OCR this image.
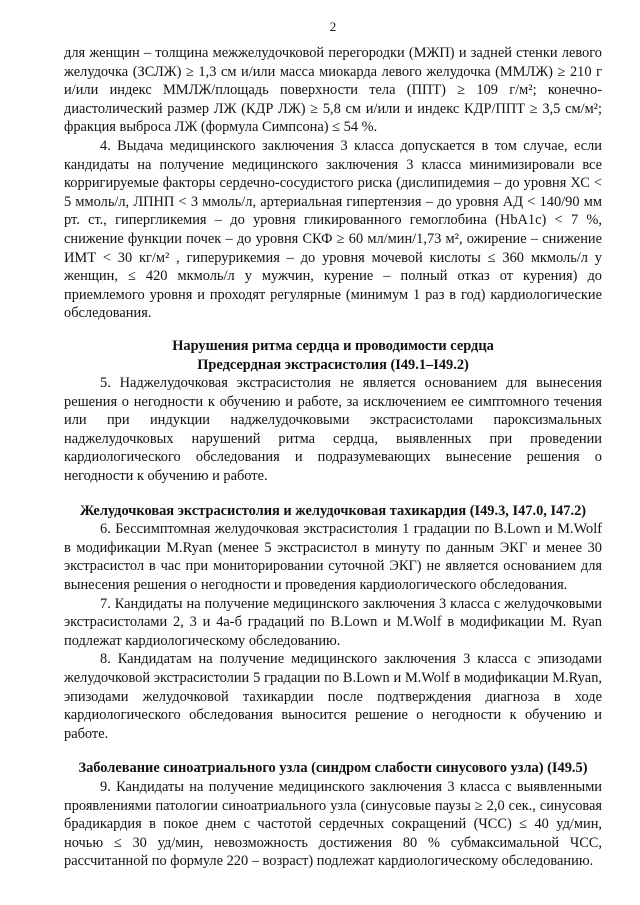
2

для женщин – толщина межжелудочковой перегородки (МЖП) и задней стенки левого желудочка (ЗСЛЖ) ≥ 1,3 см и/или масса миокарда левого желудочка (ММЛЖ) ≥ 210 г и/или индекс ММЛЖ/площадь поверхности тела (ППТ) ≥ 109 г/м²; конечно-диастолический размер ЛЖ (КДР ЛЖ) ≥ 5,8 см и/или и индекс КДР/ППТ ≥ 3,5 см/м²; фракция выброса ЛЖ (формула Симпсона) ≤ 54 %.

4. Выдача медицинского заключения 3 класса допускается в том случае, если кандидаты на получение медицинского заключения 3 класса минимизировали все корригируемые факторы сердечно-сосудистого риска (дислипидемия – до уровня ХС < 5 ммоль/л, ЛПНП < 3 ммоль/л, артериальная гипертензия – до уровня АД < 140/90 мм рт. ст., гипергликемия – до уровня гликированного гемоглобина (HbA1c) < 7 %, снижение функции почек – до уровня СКФ ≥ 60 мл/мин/1,73 м², ожирение – снижение ИМТ < 30 кг/м² , гиперурикемия – до уровня мочевой кислоты ≤ 360 мкмоль/л у женщин, ≤ 420 мкмоль/л у мужчин, курение – полный отказ от курения) до приемлемого уровня и проходят регулярные (минимум 1 раз в год) кардиологические обследования.

Нарушения ритма сердца и проводимости сердца
Предсердная экстрасистолия (I49.1–I49.2)

5. Наджелудочковая экстрасистолия не является основанием для вынесения решения о негодности к обучению и работе, за исключением ее симптомного течения или при индукции наджелудочковыми экстрасистолами пароксизмальных наджелудочковых нарушений ритма сердца, выявленных при проведении кардиологического обследования и подразумевающих вынесение решения о негодности к обучению и работе.

Желудочковая экстрасистолия и желудочковая тахикардия (I49.3, I47.0, I47.2)

6. Бессимптомная желудочковая экстрасистолия 1 градации по B.Lown и M.Wolf в модификации M.Ryan (менее 5 экстрасистол в минуту по данным ЭКГ и менее 30 экстрасистол в час при мониторировании суточной ЭКГ) не является основанием для вынесения решения о негодности и проведения кардиологического обследования.

7. Кандидаты на получение медицинского заключения 3 класса с желудочковыми экстрасистолами 2, 3 и 4а-б градаций по B.Lown и M.Wolf в модификации M. Ryan подлежат кардиологическому обследованию.

8. Кандидатам на получение медицинского заключения 3 класса с эпизодами желудочковой экстрасистолии 5 градации по B.Lown и M.Wolf в модификации M.Ryan, эпизодами желудочковой тахикардии после подтверждения диагноза в ходе кардиологического обследования выносится решение о негодности к обучению и работе.

Заболевание синоатриального узла (синдром слабости синусового узла) (I49.5)

9. Кандидаты на получение медицинского заключения 3 класса с выявленными проявлениями патологии синоатриального узла (синусовые паузы ≥ 2,0 сек., синусовая брадикардия в покое днем с частотой сердечных сокращений (ЧСС) ≤ 40 уд/мин, ночью ≤ 30 уд/мин, невозможность достижения 80 % субмаксимальной ЧСС, рассчитанной по формуле 220 – возраст) подлежат кардиологическому обследованию.
